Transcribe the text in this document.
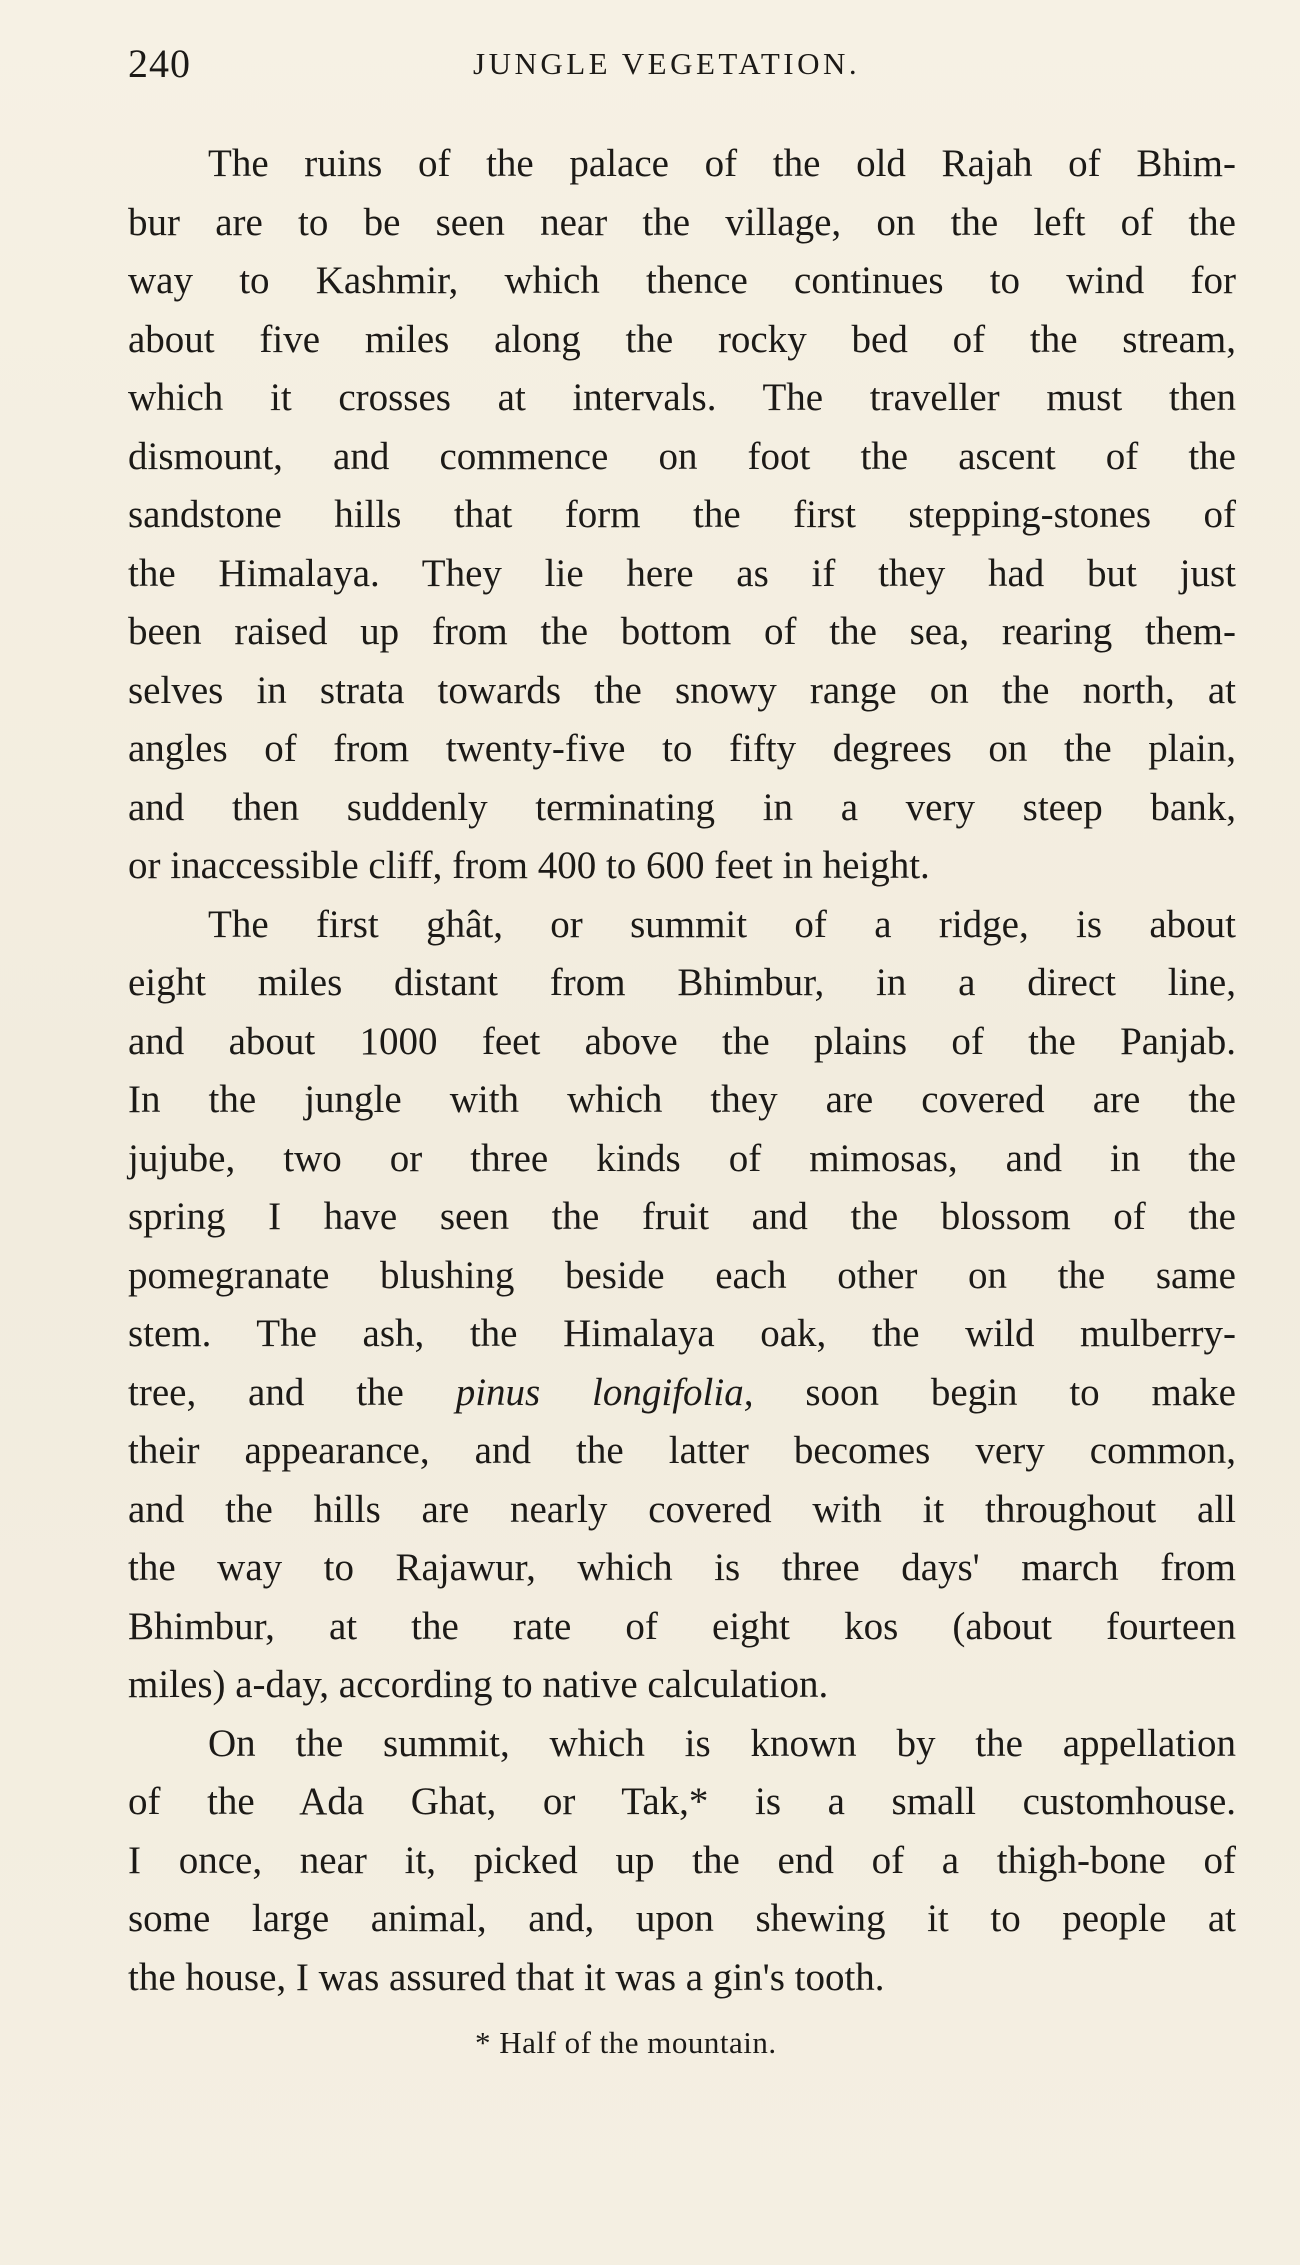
240	JUNGLE VEGETATION.
The ruins of the palace of the old Rajah of Bhim-
bur are to be seen near the village, on the left of the
way to Kashmir, which thence continues to wind for
about five miles along the rocky bed of the stream,
which it crosses at intervals. The traveller must then
dismount, and commence on foot the ascent of the
sandstone hills that form the first stepping-stones of
the Himalaya. They lie here as if they had but just
been raised up from the bottom of the sea, rearing them-
selves in strata towards the snowy range on the north, at
angles of from twenty-five to fifty degrees on the plain,
and then suddenly terminating in a very steep bank,
or inaccessible cliff, from 400 to 600 feet in height.
The first ghât, or summit of a ridge, is about
eight miles distant from Bhimbur, in a direct line,
and about 1000 feet above the plains of the Panjab.
In the jungle with which they are covered are the
jujube, two or three kinds of mimosas, and in the
spring I have seen the fruit and the blossom of the
pomegranate blushing beside each other on the same
stem. The ash, the Himalaya oak, the wild mulberry-
tree, and the pinus longifolia, soon begin to make
their appearance, and the latter becomes very common,
and the hills are nearly covered with it throughout all
the way to Rajawur, which is three days' march from
Bhimbur, at the rate of eight kos (about fourteen
miles) a-day, according to native calculation.
On the summit, which is known by the appellation
of the Ada Ghat, or Tak,* is a small customhouse.
I once, near it, picked up the end of a thigh-bone of
some large animal, and, upon shewing it to people at
the house, I was assured that it was a gin's tooth.
* Half of the mountain.
